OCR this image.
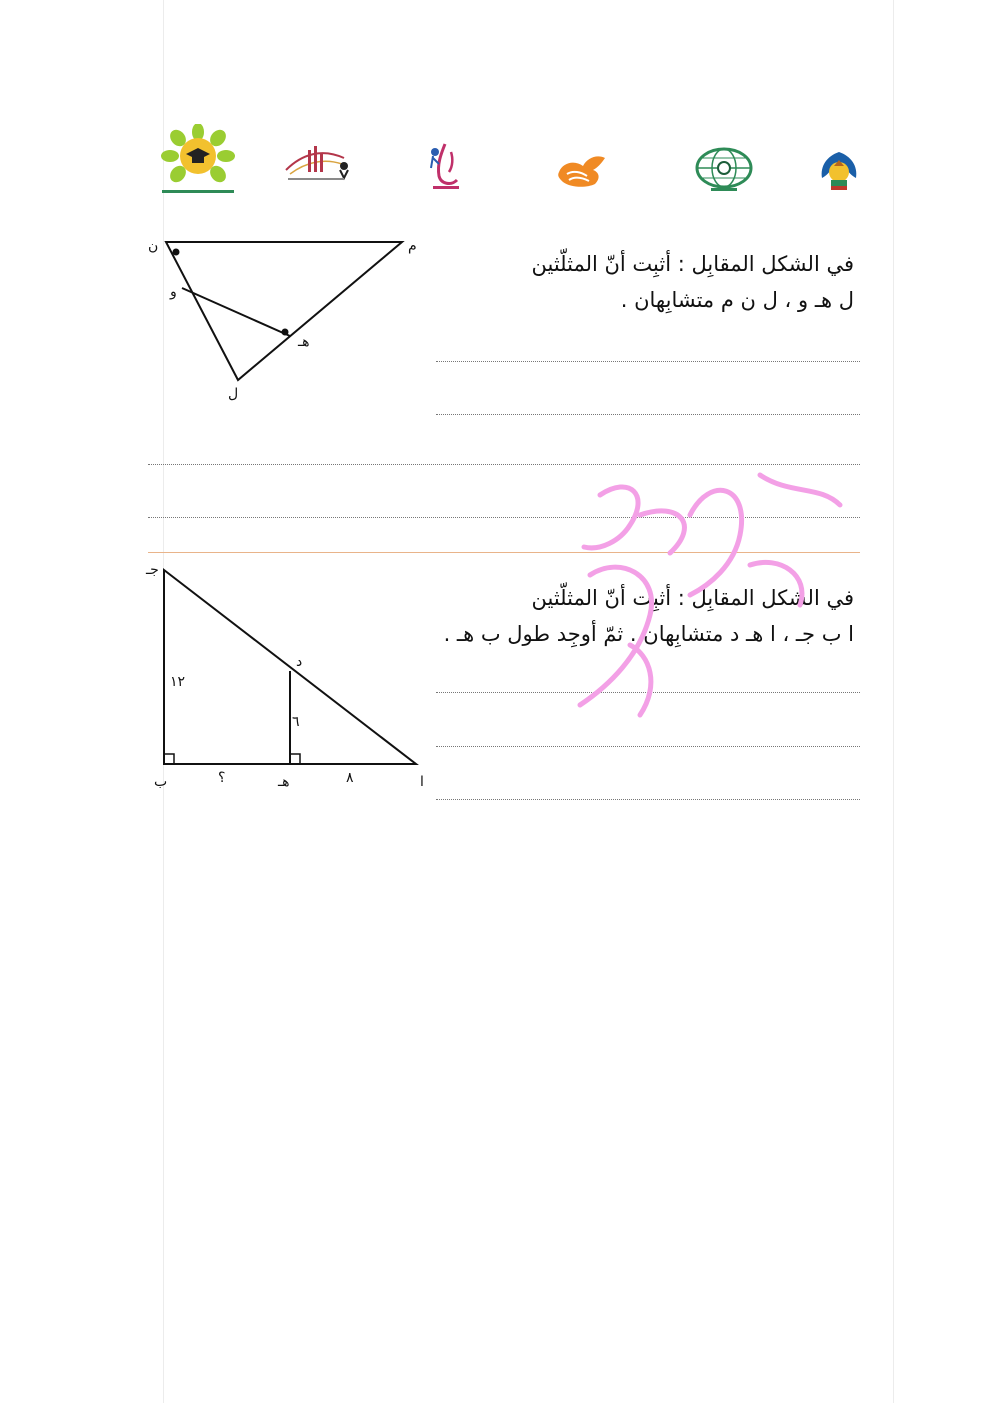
في الشكل المقابِل : أثبِت أنّ المثلّثين
ل هـ و ، ل ن م متشابِهان .
ن	م
و
هـ
ل
في الشكل المقابِل : أثبِت أنّ المثلّثين
ا ب جـ ، ا هـ د متشابِهان . ثمّ أوجِد طول ب هـ .
جـ
د
ب	هـ	ا
١٢
٦
؟	٨
